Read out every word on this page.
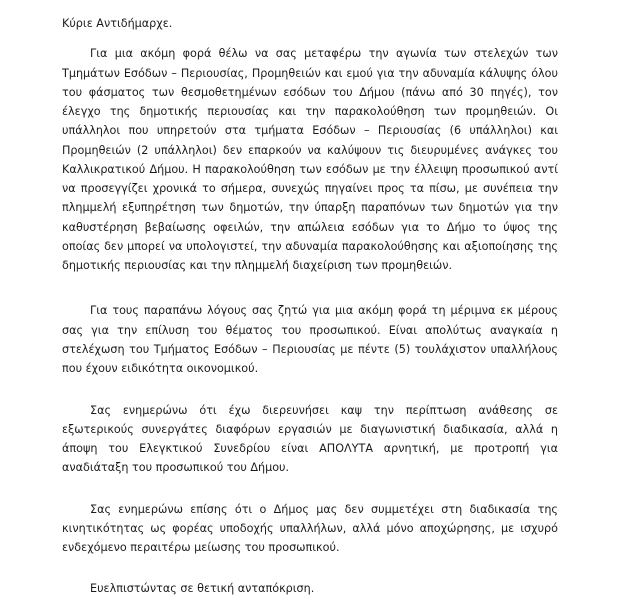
Κύριε Αντιδήμαρχε.

Για μια ακόμη φορά θέλω να σας μεταφέρω την αγωνία των στελεχών των Τμημάτων Εσόδων – Περιουσίας, Προμηθειών και εμού για την αδυναμία κάλυψης όλου του φάσματος των θεσμοθετημένων εσόδων του Δήμου (πάνω από 30 πηγές), τον έλεγχο της δημοτικής περιουσίας και την παρακολούθηση των προμηθειών. Οι υπάλληλοι που υπηρετούν στα τμήματα Εσόδων – Περιουσίας (6 υπάλληλοι) και Προμηθειών (2 υπάλληλοι) δεν επαρκούν να καλύψουν τις διευρυμένες ανάγκες του Καλλικρατικού Δήμου. Η παρακολούθηση των εσόδων με την έλλειψη προσωπικού αντί να προσεγγίζει χρονικά το σήμερα, συνεχώς πηγαίνει προς τα πίσω, με συνέπεια την πλημμελή εξυπηρέτηση των δημοτών, την ύπαρξη παραπόνων των δημοτών για την καθυστέρηση βεβαίωσης οφειλών, την απώλεια εσόδων για το Δήμο το ύψος της οποίας δεν μπορεί να υπολογιστεί, την αδυναμία παρακολούθησης και αξιοποίησης της δημοτικής περιουσίας και την πλημμελή διαχείριση των προμηθειών.

Για τους παραπάνω λόγους σας ζητώ για μια ακόμη φορά τη μέριμνα εκ μέρους σας για την επίλυση του θέματος του προσωπικού. Είναι απολύτως αναγκαία η στελέχωση του Τμήματος Εσόδων – Περιουσίας με πέντε (5) τουλάχιστον υπαλλήλους που έχουν ειδικότητα οικονομικού.

Σας ενημερώνω ότι έχω διερευνήσει καψ την περίπτωση ανάθεσης σε εξωτερικούς συνεργάτες διαφόρων εργασιών με διαγωνιστική διαδικασία, αλλά η άποψη του Ελεγκτικού Συνεδρίου είναι ΑΠΟΛΥΤΑ αρνητική, με προτροπή για αναδιάταξη του προσωπικού του Δήμου.

Σας ενημερώνω επίσης ότι ο Δήμος μας δεν συμμετέχει στη διαδικασία της κινητικότητας ως φορέας υποδοχής υπαλλήλων, αλλά μόνο αποχώρησης, με ισχυρό ενδεχόμενο περαιτέρω μείωσης του προσωπικού.

Ευελπιστώντας σε θετική ανταπόκριση.
